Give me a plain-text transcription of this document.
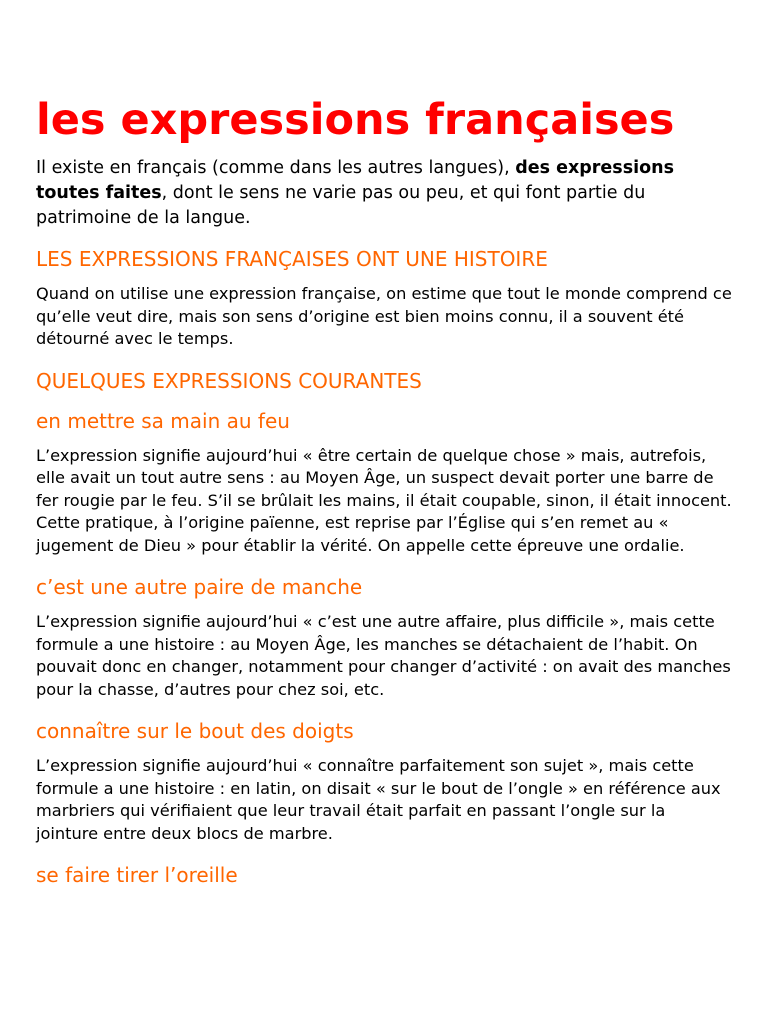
les expressions françaises

Il existe en français (comme dans les autres langues), des expressions toutes faites, dont le sens ne varie pas ou peu, et qui font partie du patrimoine de la langue.

LES EXPRESSIONS FRANÇAISES ONT UNE HISTOIRE

Quand on utilise une expression française, on estime que tout le monde comprend ce qu’elle veut dire, mais son sens d’origine est bien moins connu, il a souvent été détourné avec le temps.

QUELQUES EXPRESSIONS COURANTES
en mettre sa main au feu

L’expression signifie aujourd’hui « être certain de quelque chose » mais, autrefois, elle avait un tout autre sens : au Moyen Âge, un suspect devait porter une barre de fer rougie par le feu. S’il se brûlait les mains, il était coupable, sinon, il était innocent. Cette pratique, à l’origine païenne, est reprise par l’Église qui s’en remet au « jugement de Dieu » pour établir la vérité. On appelle cette épreuve une ordalie.

c’est une autre paire de manche

L’expression signifie aujourd’hui « c’est une autre affaire, plus difficile », mais cette formule a une histoire : au Moyen Âge, les manches se détachaient de l’habit. On pouvait donc en changer, notamment pour changer d’activité : on avait des manches pour la chasse, d’autres pour chez soi, etc.

connaître sur le bout des doigts

L’expression signifie aujourd’hui « connaître parfaitement son sujet », mais cette formule a une histoire : en latin, on disait « sur le bout de l’ongle » en référence aux marbriers qui vérifiaient que leur travail était parfait en passant l’ongle sur la jointure entre deux blocs de marbre.

se faire tirer l’oreille
